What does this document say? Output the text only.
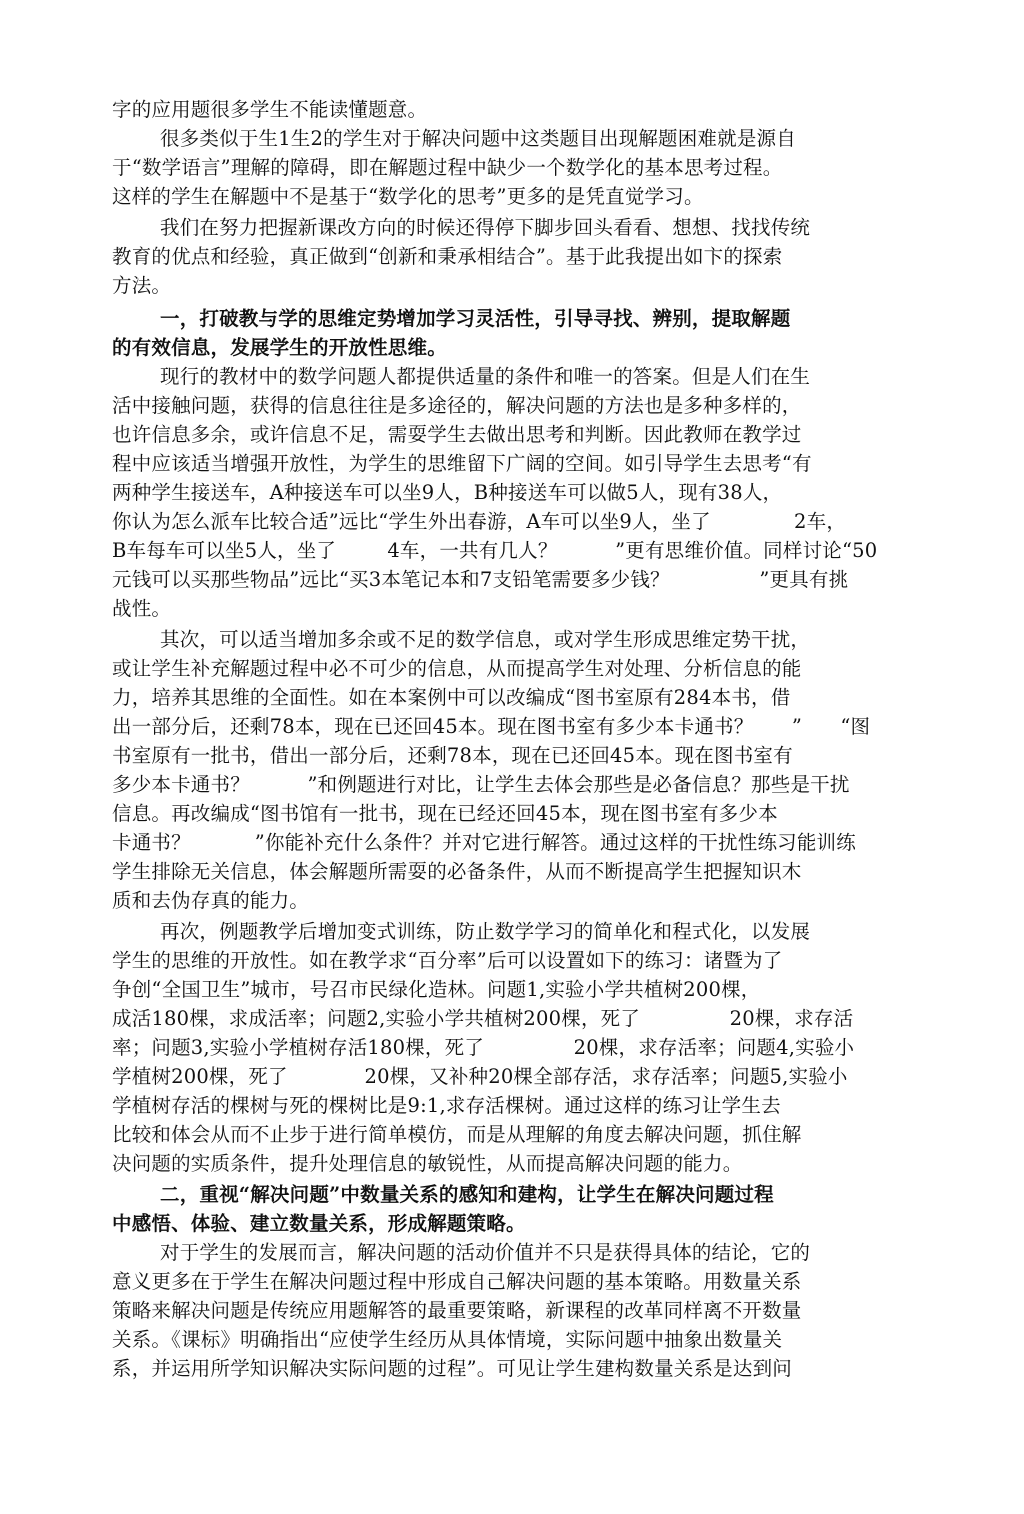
字的应用题很多学生不能读懂题意。
很多类似于生1生2的学生对于解决问题中这类题目出现解题困难就是源自
于“数学语言”理解的障碍，即在解题过程中缺少一个数学化的基本思考过程。
这样的学生在解题中不是基于“数学化的思考”更多的是凭直觉学习。
我们在努力把握新课改方向的时候还得停下脚步回头看看、想想、找找传统
教育的优点和经验，真正做到“创新和秉承相结合”。基于此我提出如卞的探索
方法。
一，打破教与学的思维定势增加学习灵活性，引导寻找、辨别，提取解题
的有效信息，发展学生的开放性思维。
现行的教材中的数学问题人都提供适量的条件和唯一的答案。但是人们在生
活中接触问题，获得的信息往往是多途径的，解决问题的方法也是多种多样的，
也许信息多余，或许信息不足，需耍学生去做出思考和判断。因此教师在教学过
程中应该适当增强开放性，为学生的思维留下广阔的空间。如引导学生去思考“有
两种学生接送车，A种接送车可以坐9人，B种接送车可以做5人，现有38人，
你认为怎么派车比较合适”远比“学生外出春游，A车可以坐9人，坐了             2车，
B车每车可以坐5人，坐了        4车，一共有几人？         ”更有思维价值。同样讨论“50
元钱可以买那些物品”远比“买3本笔记本和7支铅笔需要多少钱？              ”更具有挑
战性。
其次，可以适当增加多余或不足的数学信息，或对学生形成思维定势干扰，
或让学生补充解题过程中必不可少的信息，从而提高学生对处理、分析信息的能
力，培养其思维的全面性。如在本案例中可以改编成“图书室原有284本书，借
出一部分后，还剩78本，现在已还回45本。现在图书室有多少本卡通书？      ”      “图
书室原有一批书，借出一部分后，还剩78本，现在已还回45本。现在图书室有
多少本卡通书？         ”和例题进行对比，让学生去体会那些是必备信息？那些是干扰
信息。再改编成“图书馆有一批书，现在已经还回45本，现在图书室有多少本
卡通书？          ”你能补充什么条件？并对它进行解答。通过这样的干扰性练习能训练
学生排除无关信息，体会解题所需耍的必备条件，从而不断提高学生把握知识木
质和去伪存真的能力。
再次，例题教学后增加变式训练，防止数学学习的简单化和程式化，以发展
学生的思维的开放性。如在教学求“百分率”后可以设置如下的练习：诸暨为了
争创“全国卫生”城市，号召市民绿化造林。问题1,实验小学共植树200棵，
成活180棵，求成活率；问题2,实验小学共植树200棵，死了              20棵，求存活
率；问题3,实验小学植树存活180棵，死了              20棵，求存活率；问题4,实验小
学植树200棵，死了            20棵，又补种20棵全部存活，求存活率；问题5,实验小
学植树存活的棵树与死的棵树比是9:1,求存活棵树。通过这样的练习让学生去
比较和体会从而不止步于进行简单模仿，而是从理解的角度去解决问题，抓住解
决问题的实质条件，提升处理信息的敏锐性，从而提高解决问题的能力。
二，重视“解决问题”中数量关系的感知和建构，让学生在解决问题过程
中感悟、体验、建立数量关系，形成解题策略。
对于学生的发展而言，解决问题的活动价值并不只是获得具体的结论，它的
意义更多在于学生在解决问题过程中形成自己解决问题的基本策略。用数量关系
策略来解决问题是传统应用题解答的最重要策略，新课程的改革同样离不开数量
关系。《课标》明确指出“应使学生经历从具体情境，实际问题中抽象出数量关
系，并运用所学知识解决实际问题的过程”。可见让学生建构数量关系是达到问
